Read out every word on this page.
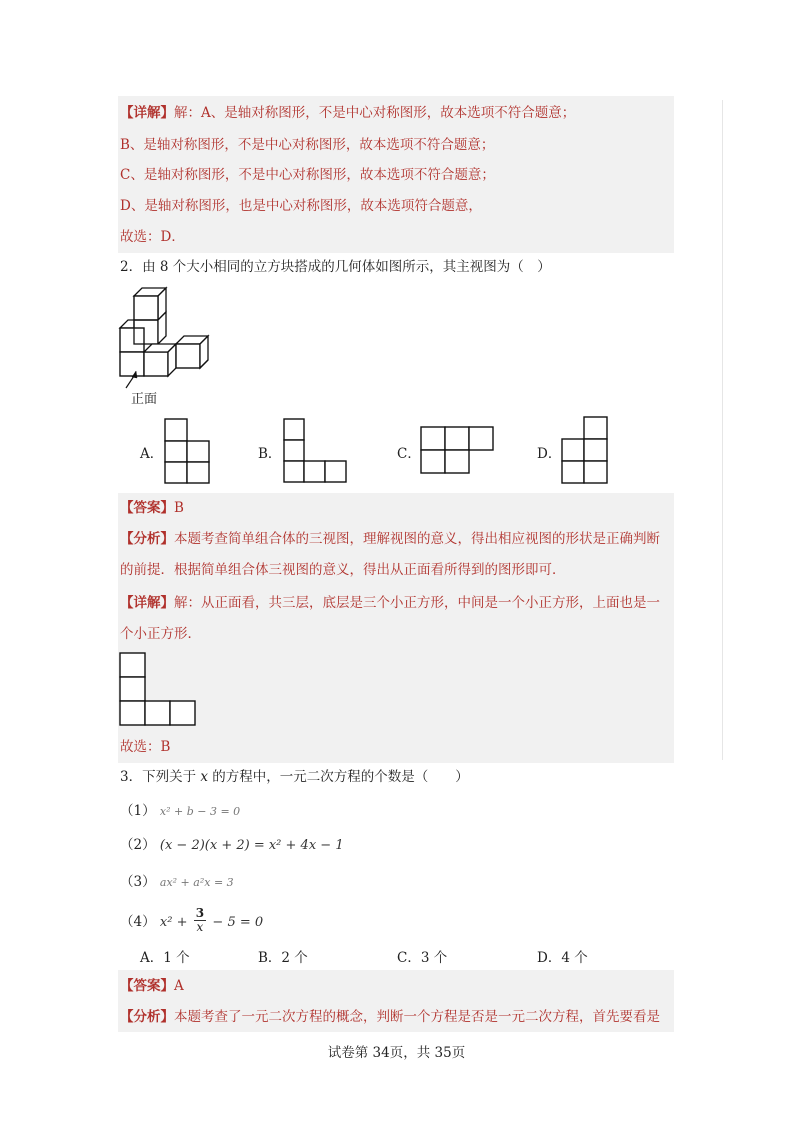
【详解】解：A、是轴对称图形，不是中心对称图形，故本选项不符合题意；
B、是轴对称图形，不是中心对称图形，故本选项不符合题意；
C、是轴对称图形，不是中心对称图形，故本选项不符合题意；
D、是轴对称图形，也是中心对称图形，故本选项符合题意，
故选：D．
2．由 8 个大小相同的立方块搭成的几何体如图所示，其主视图为（　）
正面
A．	B．	C．	D．
【答案】B
【分析】本题考查简单组合体的三视图，理解视图的意义，得出相应视图的形状是正确判断
的前提．根据简单组合体三视图的意义，得出从正面看所得到的图形即可．
【详解】解：从正面看，共三层，底层是三个小正方形，中间是一个小正方形，上面也是一
个小正方形．
故选：B
3．下列关于 x 的方程中，一元二次方程的个数是（　　）
（1） x² + b − 3 = 0
（2） (x − 2)(x + 2) = x² + 4x − 1
（3） ax² + a²x = 3
（4） $x^2 + \frac{3}{x} - 5 = 0$
A．1 个	B．2 个	C．3 个	D．4 个
【答案】A
【分析】本题考查了一元二次方程的概念，判断一个方程是否是一元二次方程，首先要看是
试卷第 34页，共 35页
